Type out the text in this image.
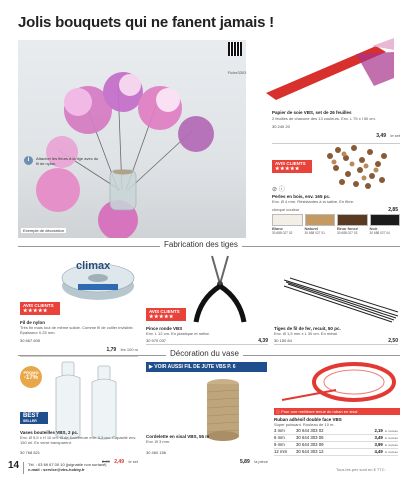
Jolis bouquets qui ne fanent jamais !
i	Attacher les fleurs à la tige avec du fil de nylon.
Exemple de décoration
Fiche3303
Papier de soie VBS, set de 26 feuilles
2 feuilles de chacune des 13 couleurs. Env. L 75 x l 50 cm.
30 240 20
3,49 le set
AVIS CLIENTS
★★★★★
⊘ ⓘ
Perles en bois, env. 165 pc.
Env. Ø 4 mm. Résistantes à la salive. En fibre.
cheque couleur	2,85
Blanc
30 688 027 02
Naturel
30 688 027 01
Brun foncé
30 688 027 03
Noir
30 688 027 04
Fabrication des tiges
climax
AVIS CLIENTS
★★★★★
Fil de nylon
Très fin mais tout de même solide. Comme fil de collier invisible. Épaisseur 0,25 mm.
30 667 605
1,79 les 100 m
AVIS CLIENTS
★★★★★
Pince ronde VBS
Env. L 12 cm. En plastique et métal.
30 970 037	4,39
Tiges de fil de fer, recuit, 50 pc.
Env. Ø 1,5 mm x L 30 cm. En métal.
30 150 84	2,50
Décoration du vase
PROMO
-17%
BEST
SELLER
Vases bouteilles VBS, 2 pc.
Env. Ø 5,5 x H 10 cm. Ø de l'ouverture env. 3,3 cm. Capacité env. 150 ml. En verre transparent.
30 768 821
2,99 2,49 le set
▶ VOIR AUSSI FIL DE JUTE VBS P. 6
Cordelette en sisal VBS, 55 m
Env. Ø 3 mm.
30 460 156
5,89 la pièce
ⓘ Pour une meilleure tenue du ruban en sisal
Ruban adhésif double face VBS
Super puissant. Rouleau de 10 m.
3 mm	30 644 303 02	2,19 le rouleau
6 mm	30 644 303 06	3,49 le rouleau
9 mm	30 644 303 09	3,99 le rouleau
12 mm	30 644 303 12	4,49 le rouleau
14 Tél. : 03 69 67 00 10 (joignable non surtaxé)
e-mail : service@vbs-hobby.fr	Tous les prix sont en € TTC.
